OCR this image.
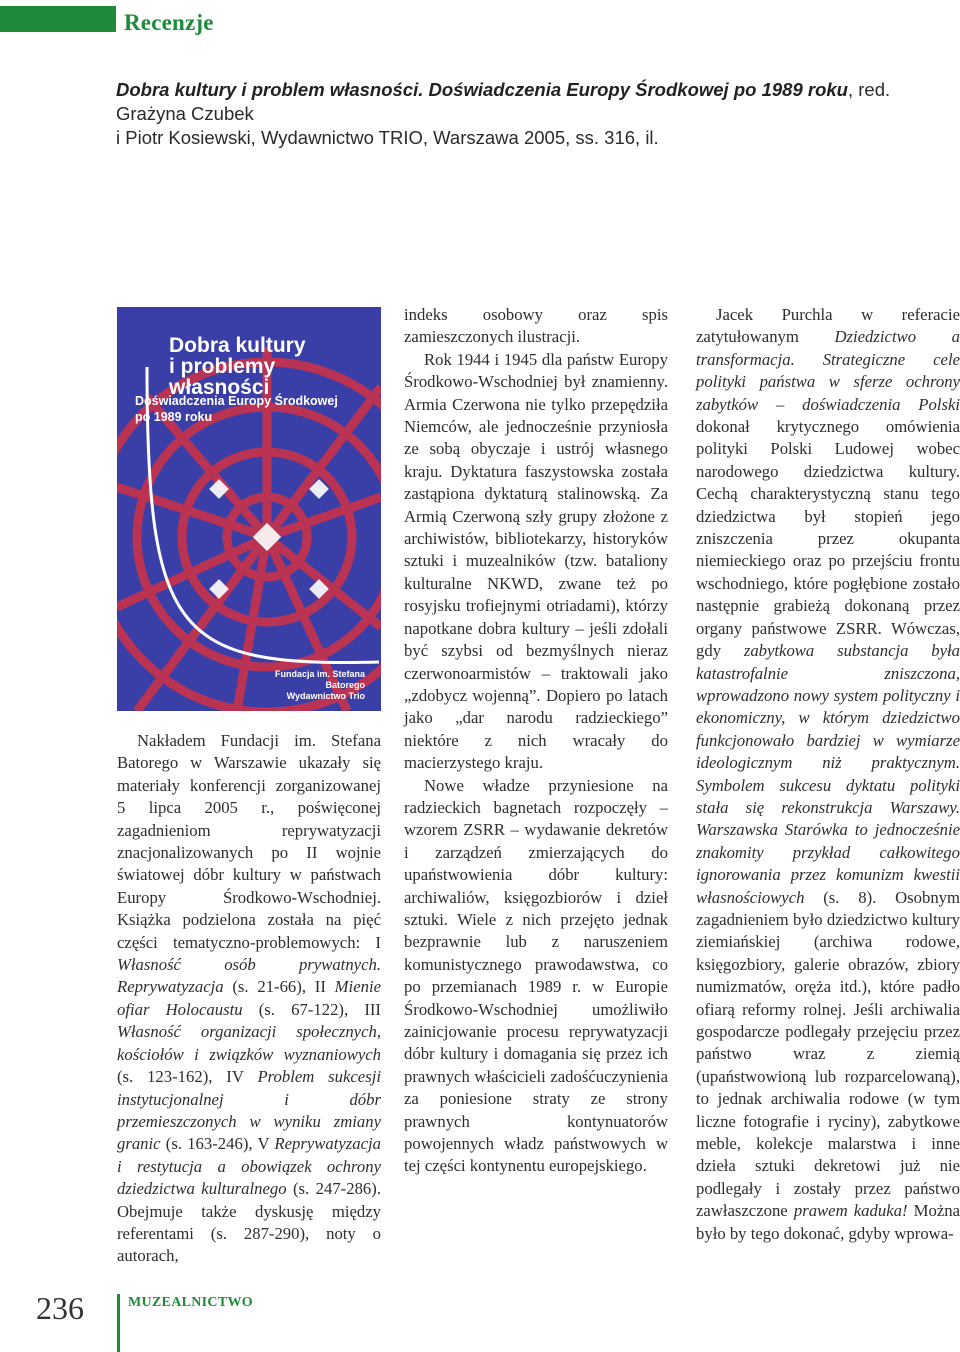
Recenzje
Dobra kultury i problem własności. Doświadczenia Europy Środkowej po 1989 roku, red. Grażyna Czubek
i Piotr Kosiewski, Wydawnictwo TRIO, Warszawa 2005, ss. 316, il.
Dobra kultury
i problemy własności
Doświadczenia Europy Środkowej
po 1989 roku
Fundacja im. Stefana Batorego
Wydawnictwo Trio

Nakładem Fundacji im. Stefana Batorego w Warszawie ukazały się materiały konferencji zorganizowanej 5 lipca 2005 r., poświęconej zagadnieniom reprywatyzacji znacjonalizowanych po II wojnie światowej dóbr kultury w państwach Europy Środkowo-Wschodniej. Książka podzielona została na pięć części tematyczno-problemowych: I Własność osób prywatnych. Reprywatyzacja (s. 21-66), II Mienie ofiar Holocaustu (s. 67-122), III Własność organizacji społecznych, kościołów i związków wyznaniowych (s. 123-162), IV Problem sukcesji instytucjonalnej i dóbr przemieszczonych w wyniku zmiany granic (s. 163-246), V Reprywatyzacja i restytucja a obowiązek ochrony dziedzictwa kulturalnego (s. 247-286). Obejmuje także dyskusję między referentami (s. 287-290), noty o autorach,

indeks osobowy oraz spis zamieszczonych ilustracji.

Rok 1944 i 1945 dla państw Europy Środkowo-Wschodniej był znamienny. Armia Czerwona nie tylko przepędziła Niemców, ale jednocześnie przyniosła ze sobą obyczaje i ustrój własnego kraju. Dyktatura faszystowska została zastąpiona dyktaturą stalinowską. Za Armią Czerwoną szły grupy złożone z archiwistów, bibliotekarzy, historyków sztuki i muzealników (tzw. bataliony kulturalne NKWD, zwane też po rosyjsku trofiejnymi otriadami), którzy napotkane dobra kultury – jeśli zdołali być szybsi od bezmyślnych nieraz czerwonoarmistów – traktowali jako „zdobycz wojenną”. Dopiero po latach jako „dar narodu radzieckiego” niektóre z nich wracały do macierzystego kraju.

Nowe władze przyniesione na radzieckich bagnetach rozpoczęły – wzorem ZSRR – wydawanie dekretów i zarządzeń zmierzających do upaństwowienia dóbr kultury: archiwaliów, księgozbiorów i dzieł sztuki. Wiele z nich przejęto jednak bezprawnie lub z naruszeniem komunistycznego prawodawstwa, co po przemianach 1989 r. w Europie Środkowo-Wschodniej umożliwiło zainicjowanie procesu reprywatyzacji dóbr kultury i domagania się przez ich prawnych właścicieli zadośćuczynienia za poniesione straty ze strony prawnych kontynuatorów powojennych władz państwowych w tej części kontynentu europejskiego.

Jacek Purchla w referacie zatytułowanym Dziedzictwo a transformacja. Strategiczne cele polityki państwa w sferze ochrony zabytków – doświadczenia Polski dokonał krytycznego omówienia polityki Polski Ludowej wobec narodowego dziedzictwa kultury. Cechą charakterystyczną stanu tego dziedzictwa był stopień jego zniszczenia przez okupanta niemieckiego oraz po przejściu frontu wschodniego, które pogłębione zostało następnie grabieżą dokonaną przez organy państwowe ZSRR. Wówczas, gdy zabytkowa substancja była katastrofalnie zniszczona, wprowadzono nowy system polityczny i ekonomiczny, w którym dziedzictwo funkcjonowało bardziej w wymiarze ideologicznym niż praktycznym. Symbolem sukcesu dyktatu polityki stała się rekonstrukcja Warszawy. Warszawska Starówka to jednocześnie znakomity przykład całkowitego ignorowania przez komunizm kwestii własnościowych (s. 8). Osobnym zagadnieniem było dziedzictwo kultury ziemiańskiej (archiwa rodowe, księgozbiory, galerie obrazów, zbiory numizmatów, oręża itd.), które padło ofiarą reformy rolnej. Jeśli archiwalia gospodarcze podlegały przejęciu przez państwo wraz z ziemią (upaństwowioną lub rozparcelowaną), to jednak archiwalia rodowe (w tym liczne fotografie i ryciny), zabytkowe meble, kolekcje malarstwa i inne dzieła sztuki dekretowi już nie podlegały i zostały przez państwo zawłaszczone prawem kaduka! Można było by tego dokonać, gdyby wprowa-

236	MUZEALNICTWO
